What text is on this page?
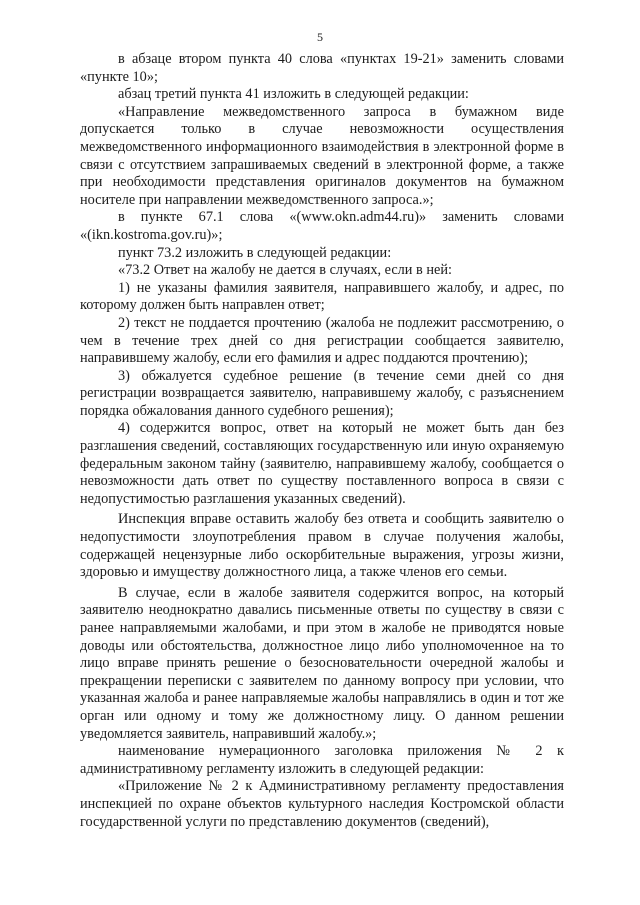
5

в абзаце втором пункта 40 слова «пунктах 19-21» заменить словами «пункте 10»;

абзац третий пункта 41 изложить в следующей редакции:

«Направление межведомственного запроса в бумажном виде допускается только в случае невозможности осуществления межведомственного информационного взаимодействия в электронной форме в связи с отсутствием запрашиваемых сведений в электронной форме, а также при необходимости представления оригиналов документов на бумажном носителе при направлении межведомственного запроса.»;

в пункте 67.1 слова «(www.okn.adm44.ru)» заменить словами «(ikn.kostroma.gov.ru)»;

пункт 73.2 изложить в следующей редакции:

«73.2 Ответ на жалобу не дается в случаях, если в ней:

1) не указаны фамилия заявителя, направившего жалобу, и адрес, по которому должен быть направлен ответ;

2) текст не поддается прочтению (жалоба не подлежит рассмотрению, о чем в течение трех дней со дня регистрации сообщается заявителю, направившему жалобу, если его фамилия и адрес поддаются прочтению);

3) обжалуется судебное решение (в течение семи дней со дня регистрации возвращается заявителю, направившему жалобу, с разъяснением порядка обжалования данного судебного решения);

4) содержится вопрос, ответ на который не может быть дан без разглашения сведений, составляющих государственную или иную охраняемую федеральным законом тайну (заявителю, направившему жалобу, сообщается о невозможности дать ответ по существу поставленного вопроса в связи с недопустимостью разглашения указанных сведений).

Инспекция вправе оставить жалобу без ответа и сообщить заявителю о недопустимости злоупотребления правом в случае получения жалобы, содержащей нецензурные либо оскорбительные выражения, угрозы жизни, здоровью и имуществу должностного лица, а также членов его семьи.

В случае, если в жалобе заявителя содержится вопрос, на который заявителю неоднократно давались письменные ответы по существу в связи с ранее направляемыми жалобами, и при этом в жалобе не приводятся новые доводы или обстоятельства, должностное лицо либо уполномоченное на то лицо вправе принять решение о безосновательности очередной жалобы и прекращении переписки с заявителем по данному вопросу при условии, что указанная жалоба и ранее направляемые жалобы направлялись в один и тот же орган или одному и тому же должностному лицу. О данном решении уведомляется заявитель, направивший жалобу.»;

наименование нумерационного заголовка приложения № 2 к административному регламенту изложить в следующей редакции:

«Приложение № 2 к Административному регламенту предоставления инспекцией по охране объектов культурного наследия Костромской области государственной услуги по представлению документов (сведений),
